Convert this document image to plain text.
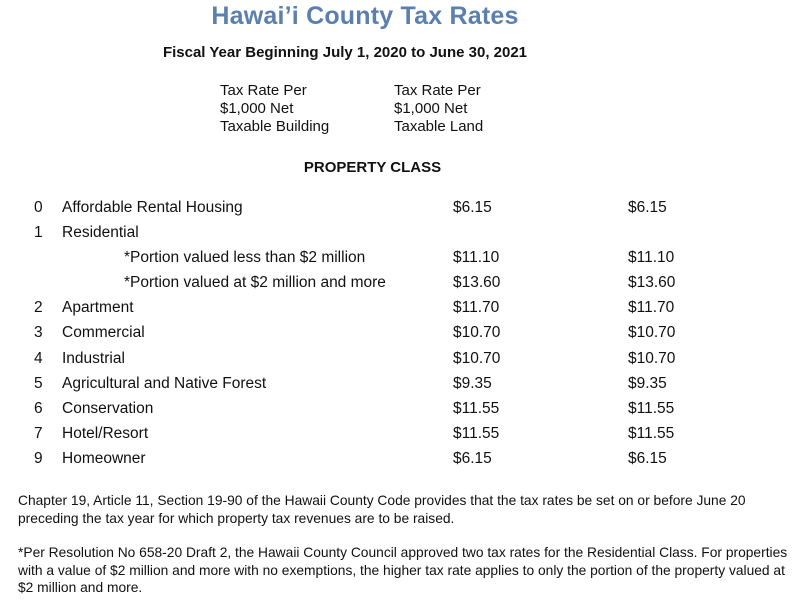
Hawai’i County Tax Rates
Fiscal Year Beginning July 1, 2020 to June 30, 2021
Tax Rate Per
$1,000 Net
Taxable Building
Tax Rate Per
$1,000 Net
Taxable Land
PROPERTY CLASS
0 Affordable Rental Housing	$6.15	$6.15
1 Residential
*Portion valued less than $2 million	$11.10	$11.10
*Portion valued at $2 million and more	$13.60	$13.60
2 Apartment	$11.70	$11.70
3 Commercial	$10.70	$10.70
4 Industrial	$10.70	$10.70
5 Agricultural and Native Forest	$9.35	$9.35
6 Conservation	$11.55	$11.55
7 Hotel/Resort	$11.55	$11.55
9 Homeowner	$6.15	$6.15
Chapter 19, Article 11, Section 19-90 of the Hawaii County Code provides that the tax rates be set on or before June 20 preceding the tax year for which property tax revenues are to be raised.
*Per Resolution No 658-20 Draft 2, the Hawaii County Council approved two tax rates for the Residential Class. For properties with a value of $2 million and more with no exemptions, the higher tax rate applies to only the portion of the property valued at $2 million and more.
